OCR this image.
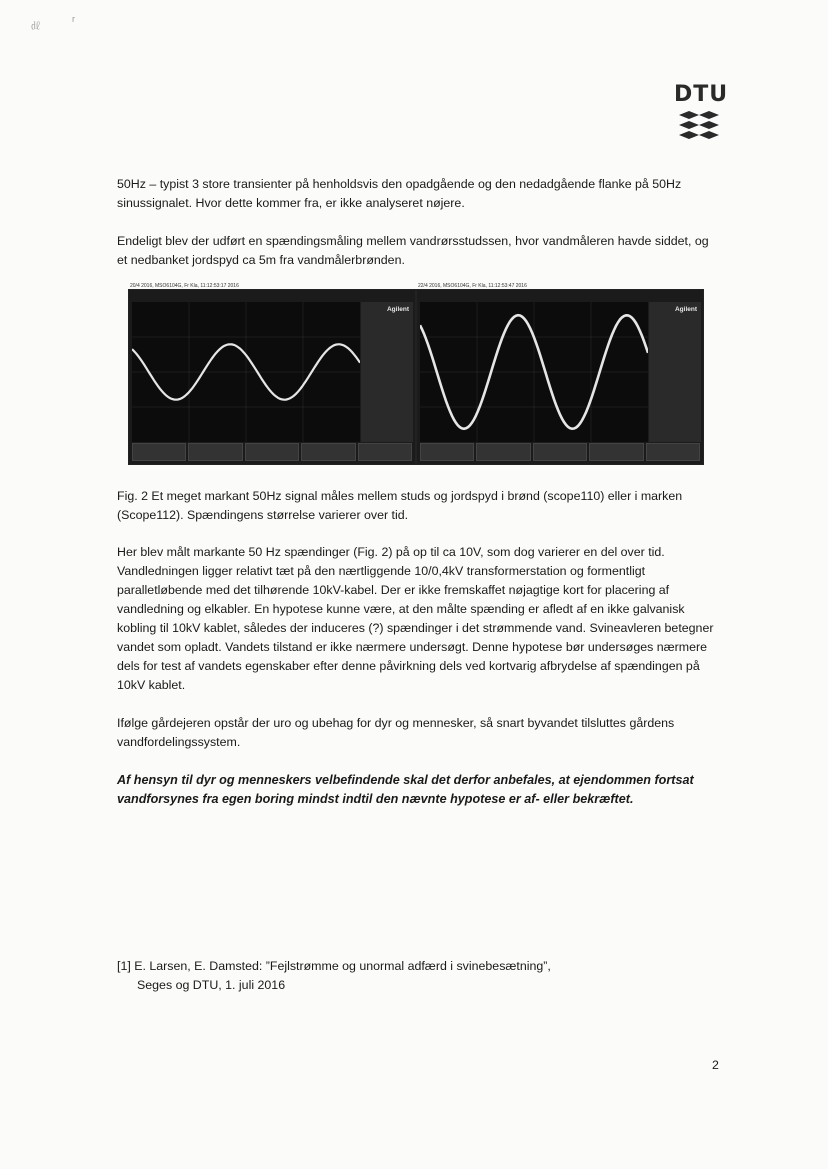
㎗
r
DTU

50Hz – typist 3 store transienter på henholdsvis den opadgående og den nedadgående flanke på 50Hz sinussignalet. Hvor dette kommer fra, er ikke analyseret nøjere.

Endeligt blev der udført en spændingsmåling mellem vandrørsstudssen, hvor vandmåleren havde siddet, og et nedbanket jordspyd ca 5m fra vandmålerbrønden.

20/4 2016, MSO6104G, Fr Kla, 11:12:53:17 2016	22/4 2016, MSO6104G, Fr Kla, 11:12:53:47 2016
Agilent	Agilent

Fig. 2 Et meget markant 50Hz signal måles mellem studs og jordspyd i brønd (scope110) eller i marken (Scope112). Spændingens størrelse varierer over tid.

Her blev målt markante 50 Hz spændinger (Fig. 2) på op til ca 10V, som dog varierer en del over tid. Vandledningen ligger relativt tæt på den nærtliggende 10/0,4kV transformerstation og formentligt paralletløbende med det tilhørende 10kV-kabel. Der er ikke fremskaffet nøjagtige kort for placering af vandledning og elkabler. En hypotese kunne være, at den målte spænding er afledt af en ikke galvanisk kobling til 10kV kablet, således der induceres (?) spændinger i det strømmende vand. Svineavleren betegner vandet som opladt. Vandets tilstand er ikke nærmere undersøgt. Denne hypotese bør undersøges nærmere dels for test af vandets egenskaber efter denne påvirkning dels ved kortvarig afbrydelse af spændingen på 10kV kablet.

Ifølge gårdejeren opstår der uro og ubehag for dyr og mennesker, så snart byvandet tilsluttes gårdens vandfordelingssystem.

Af hensyn til dyr og menneskers velbefindende skal det derfor anbefales, at ejendommen fortsat vandforsynes fra egen boring mindst indtil den nævnte hypotese er af- eller bekræftet.

[1] E. Larsen, E. Damsted: ”Fejlstrømme og unormal adfærd i svinebesætning”,
Seges og DTU, 1. juli 2016
2
